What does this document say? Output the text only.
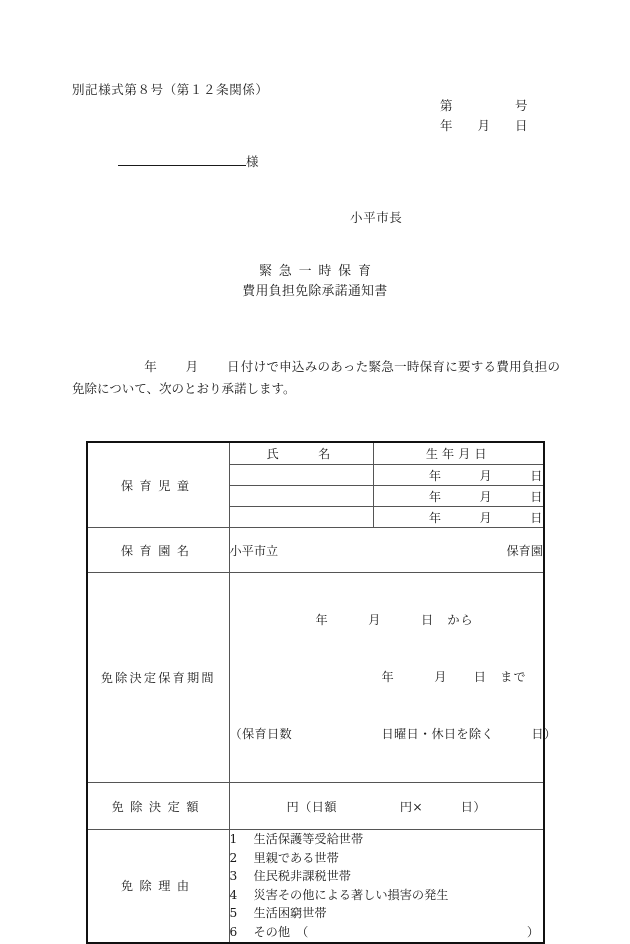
別記様式第８号（第１２条関係）
第　　　　　号
年　　月　　日
様
小平市長
緊急一時保育
費用負担免除承諾通知書
年　　月　　日付けで申込みのあった緊急一時保育に要する費用負担の免除について、次のとおり承諾します。
保育児童	氏　　名	生年月日
		年　　　月　　　日
		年　　　月　　　日
		年　　　月　　　日
保育園名	小平市立 保育園	

免除決定保育期間	年　　　月　　　日　から

年　　　月　　日　まで

（保育日数 日曜日・休日を除く　　　日）	

免除決定額	円（日額　　　　　円×　　　日）	
免除理由	
1 生活保護等受給世帯
2 里親である世帯
3 住民税非課税世帯
4 災害その他による著しい損害の発生
5 生活困窮世帯
6 その他　（	）
